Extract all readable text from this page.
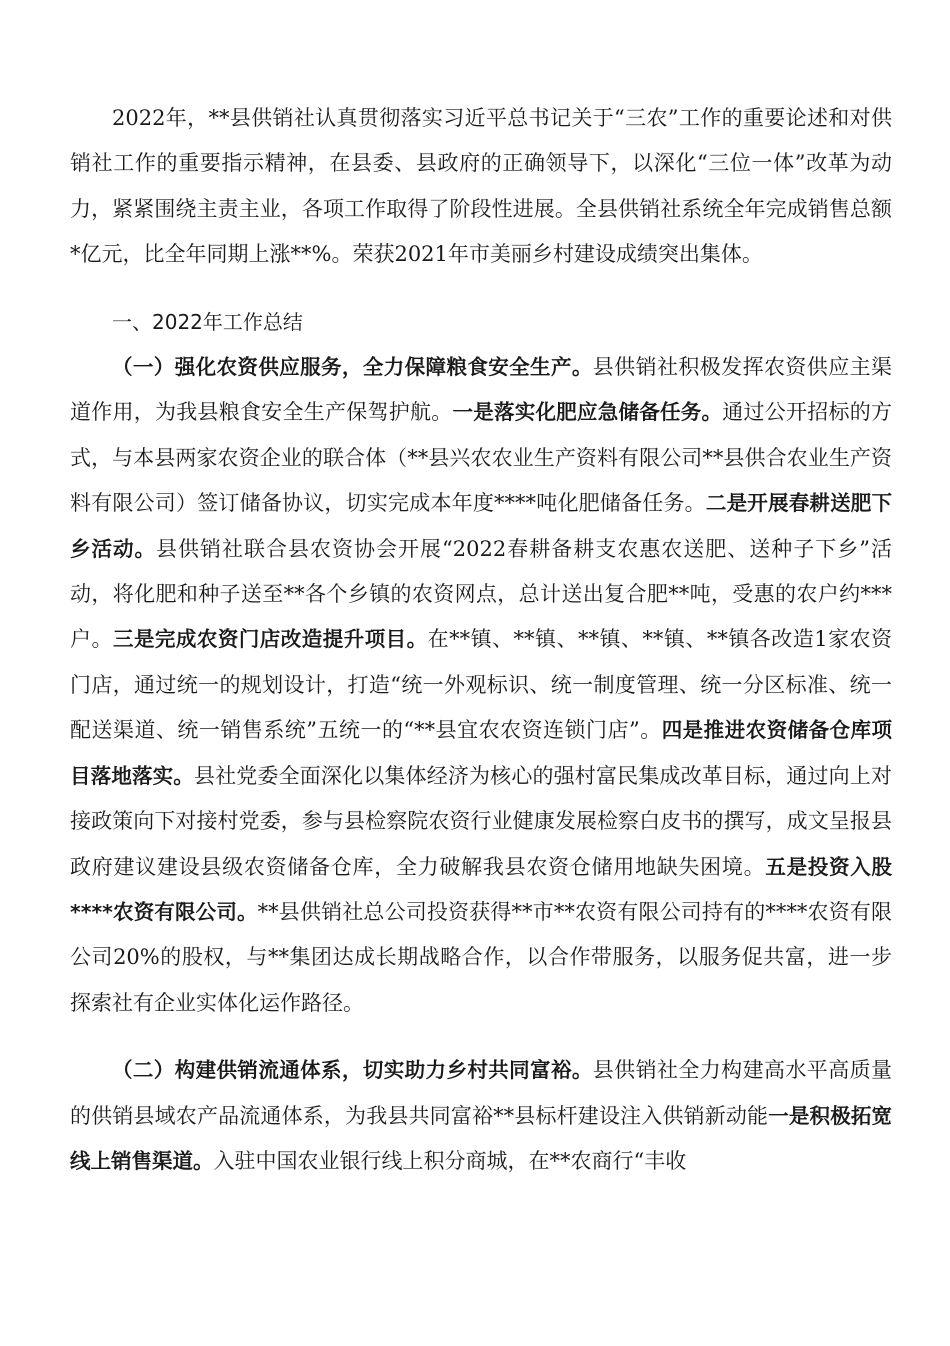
2022年，**县供销社认真贯彻落实习近平总书记关于“三农”工作的重要论述和对供销社工作的重要指示精神，在县委、县政府的正确领导下，以深化“三位一体”改革为动力，紧紧围绕主责主业，各项工作取得了阶段性进展。全县供销社系统全年完成销售总额*亿元，比全年同期上涨**%。荣获2021年市美丽乡村建设成绩突出集体。

一、2022年工作总结

（一）强化农资供应服务，全力保障粮食安全生产。县供销社积极发挥农资供应主渠道作用，为我县粮食安全生产保驾护航。一是落实化肥应急储备任务。通过公开招标的方式，与本县两家农资企业的联合体（**县兴农农业生产资料有限公司**县供合农业生产资料有限公司）签订储备协议，切实完成本年度****吨化肥储备任务。二是开展春耕送肥下乡活动。县供销社联合县农资协会开展“2022春耕备耕支农惠农送肥、送种子下乡”活动，将化肥和种子送至**各个乡镇的农资网点，总计送出复合肥**吨，受惠的农户约***户。三是完成农资门店改造提升项目。在**镇、**镇、**镇、**镇、**镇各改造1家农资门店，通过统一的规划设计，打造“统一外观标识、统一制度管理、统一分区标准、统一配送渠道、统一销售系统”五统一的“**县宜农农资连锁门店”。四是推进农资储备仓库项目落地落实。县社党委全面深化以集体经济为核心的强村富民集成改革目标，通过向上对接政策向下对接村党委，参与县检察院农资行业健康发展检察白皮书的撰写，成文呈报县政府建议建设县级农资储备仓库，全力破解我县农资仓储用地缺失困境。五是投资入股****农资有限公司。**县供销社总公司投资获得**市**农资有限公司持有的****农资有限公司20%的股权，与**集团达成长期战略合作，以合作带服务，以服务促共富，进一步探索社有企业实体化运作路径。

（二）构建供销流通体系，切实助力乡村共同富裕。县供销社全力构建高水平高质量的供销县域农产品流通体系，为我县共同富裕**县标杆建设注入供销新动能一是积极拓宽线上销售渠道。入驻中国农业银行线上积分商城，在**农商行“丰收
